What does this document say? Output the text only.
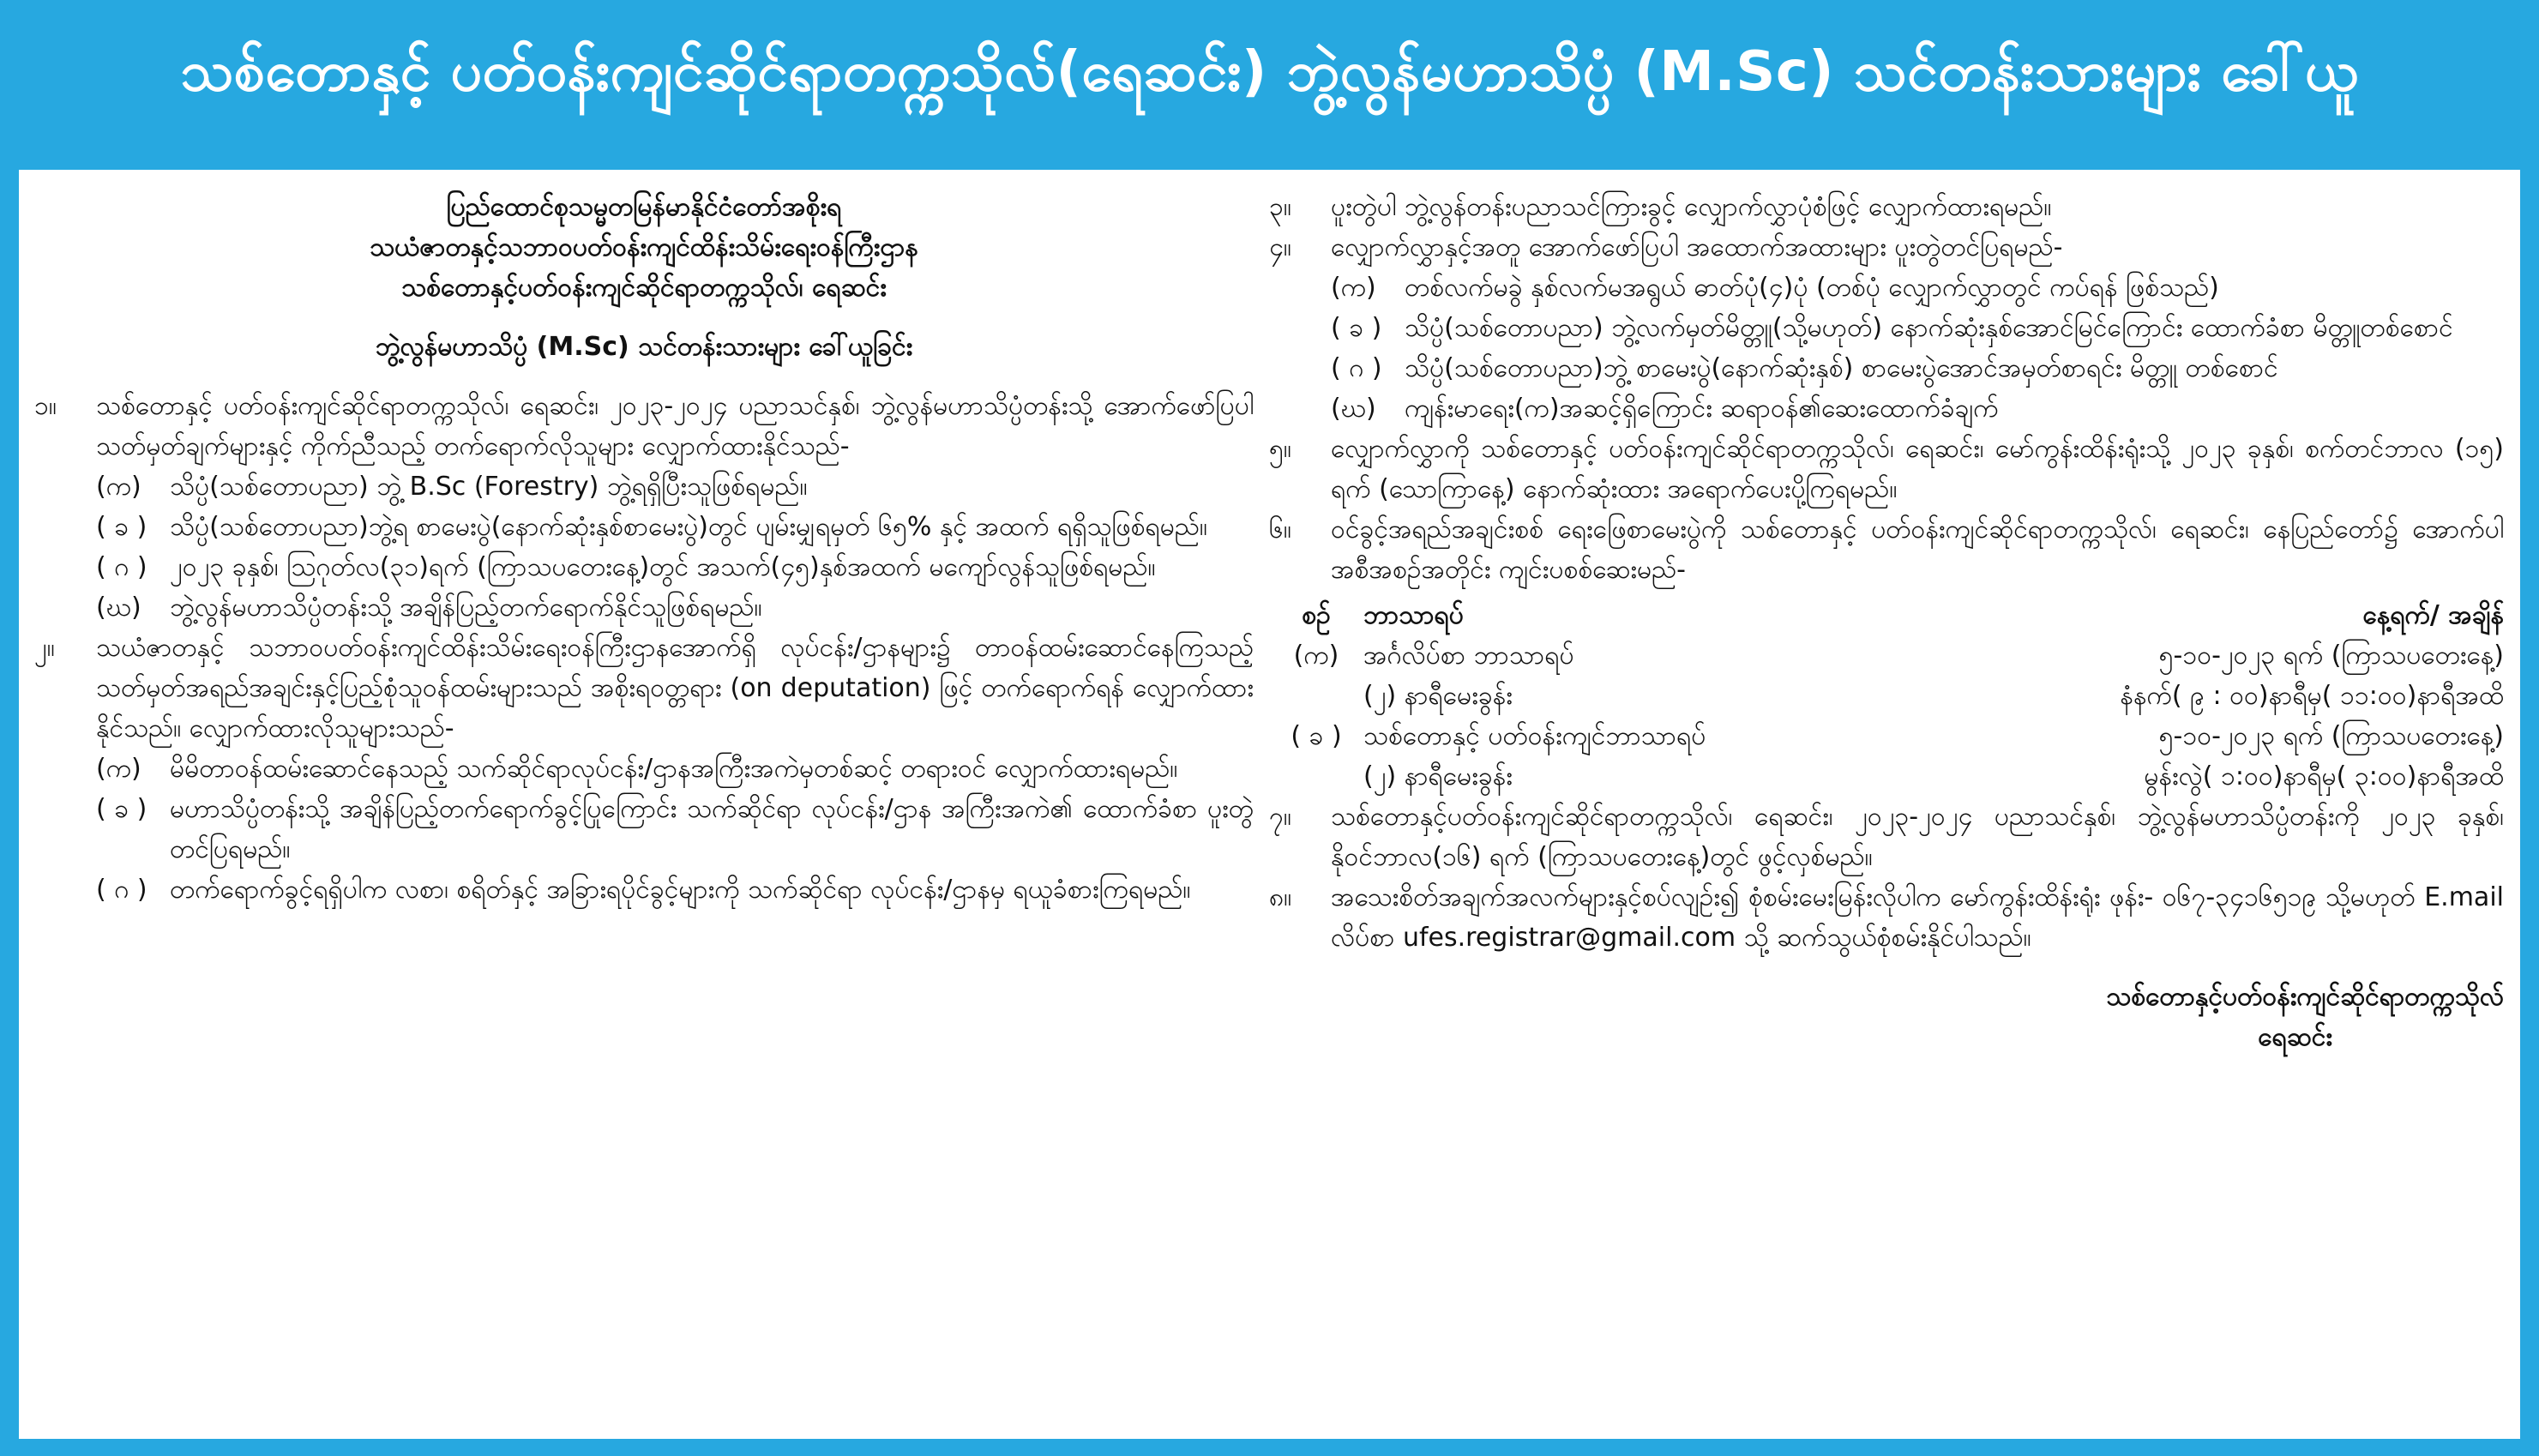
သစ်တောနှင့် ပတ်ဝန်းကျင်ဆိုင်ရာတက္ကသိုလ်(ရေဆင်း) ဘွဲ့လွန်မဟာသိပ္ပံ (M.Sc) သင်တန်းသားများ ခေါ်ယူ
ပြည်ထောင်စုသမ္မတမြန်မာနိုင်ငံတော်အစိုးရ
သယံဇာတနှင့်သဘာဝပတ်ဝန်းကျင်ထိန်းသိမ်းရေးဝန်ကြီးဌာန
သစ်တောနှင့်ပတ်ဝန်းကျင်ဆိုင်ရာတက္ကသိုလ်၊ ရေဆင်း
ဘွဲ့လွန်မဟာသိပ္ပံ (M.Sc) သင်တန်းသားများ ခေါ်ယူခြင်း
၁။	သစ်တောနှင့် ပတ်ဝန်းကျင်ဆိုင်ရာတက္ကသိုလ်၊ ရေဆင်း၊ ၂၀၂၃-၂၀၂၄ ပညာသင်နှစ်၊ ဘွဲ့လွန်မဟာသိပ္ပံတန်းသို့ အောက်ဖော်ပြပါသတ်မှတ်ချက်များနှင့် ကိုက်ညီသည့် တက်ရောက်လိုသူများ လျှောက်ထားနိုင်သည်-
(က)	သိပ္ပံ(သစ်တောပညာ) ဘွဲ့ B.Sc (Forestry) ဘွဲ့ရရှိပြီးသူဖြစ်ရမည်။
( ခ ) သိပ္ပံ(သစ်တောပညာ)ဘွဲ့ရ စာမေးပွဲ(နောက်ဆုံးနှစ်စာမေးပွဲ)တွင် ပျမ်းမျှရမှတ် ၆၅% နှင့် အထက် ရရှိသူဖြစ်ရမည်။
( ဂ ) ၂၀၂၃ ခုနှစ်၊ ဩဂုတ်လ(၃၁)ရက် (ကြာသပတေးနေ့)တွင် အသက်(၄၅)နှစ်အထက် မကျော်လွန်သူဖြစ်ရမည်။
(ဃ)	ဘွဲ့လွန်မဟာသိပ္ပံတန်းသို့ အချိန်ပြည့်တက်ရောက်နိုင်သူဖြစ်ရမည်။
၂။	သယံဇာတနှင့် သဘာဝပတ်ဝန်းကျင်ထိန်းသိမ်းရေးဝန်ကြီးဌာနအောက်ရှိ လုပ်ငန်း/ဌာနများ၌ တာဝန်ထမ်းဆောင်နေကြသည့် သတ်မှတ်အရည်အချင်းနှင့်ပြည့်စုံသူဝန်ထမ်းများသည် အစိုးရဝတ္တရား (on deputation) ဖြင့် တက်ရောက်ရန် လျှောက်ထားနိုင်သည်။ လျှောက်ထားလိုသူများသည်-
(က)	မိမိတာဝန်ထမ်းဆောင်နေသည့် သက်ဆိုင်ရာလုပ်ငန်း/ဌာနအကြီးအကဲမှတစ်ဆင့် တရားဝင် လျှောက်ထားရမည်။
( ခ ) မဟာသိပ္ပံတန်းသို့ အချိန်ပြည့်တက်ရောက်ခွင့်ပြုကြောင်း သက်ဆိုင်ရာ လုပ်ငန်း/ဌာန အကြီးအကဲ၏ ထောက်ခံစာ ပူးတွဲတင်ပြရမည်။
( ဂ ) တက်ရောက်ခွင့်ရရှိပါက လစာ၊ စရိတ်နှင့် အခြားရပိုင်ခွင့်များကို သက်ဆိုင်ရာ လုပ်ငန်း/ဌာနမှ ရယူခံစားကြရမည်။
၃။	ပူးတွဲပါ ဘွဲ့လွန်တန်းပညာသင်ကြားခွင့် လျှောက်လွှာပုံစံဖြင့် လျှောက်ထားရမည်။
၄။	လျှောက်လွှာနှင့်အတူ အောက်ဖော်ပြပါ အထောက်အထားများ ပူးတွဲတင်ပြရမည်-
(က)	တစ်လက်မခွဲ နှစ်လက်မအရွယ် ဓာတ်ပုံ(၄)ပုံ (တစ်ပုံ လျှောက်လွှာတွင် ကပ်ရန် ဖြစ်သည်)
( ခ ) သိပ္ပံ(သစ်တောပညာ) ဘွဲ့လက်မှတ်မိတ္တူ(သို့မဟုတ်) နောက်ဆုံးနှစ်အောင်မြင်ကြောင်း ထောက်ခံစာ မိတ္တူတစ်စောင်
( ဂ ) သိပ္ပံ(သစ်တောပညာ)ဘွဲ့ စာမေးပွဲ(နောက်ဆုံးနှစ်) စာမေးပွဲအောင်အမှတ်စာရင်း မိတ္တူ တစ်စောင်
(ဃ)	ကျန်းမာရေး(က)အဆင့်ရှိကြောင်း ဆရာဝန်၏ဆေးထောက်ခံချက်
၅။	လျှောက်လွှာကို သစ်တောနှင့် ပတ်ဝန်းကျင်ဆိုင်ရာတက္ကသိုလ်၊ ရေဆင်း၊ မော်ကွန်းထိန်းရုံးသို့ ၂၀၂၃ ခုနှစ်၊ စက်တင်ဘာလ (၁၅) ရက် (သောကြာနေ့) နောက်ဆုံးထား အရောက်ပေးပို့ကြရမည်။
၆။	ဝင်ခွင့်အရည်အချင်းစစ် ရေးဖြေစာမေးပွဲကို သစ်တောနှင့် ပတ်ဝန်းကျင်ဆိုင်ရာတက္ကသိုလ်၊ ရေဆင်း၊ နေပြည်တော်၌ အောက်ပါအစီအစဉ်အတိုင်း ကျင်းပစစ်ဆေးမည်-
စဉ်	ဘာသာရပ်	နေ့ရက်/ အချိန်
(က) အင်္ဂလိပ်စာ ဘာသာရပ်	၅-၁၀-၂၀၂၃ ရက် (ကြာသပတေးနေ့)
(၂) နာရီမေးခွန်း	နံနက်( ၉ : ၀၀)နာရီမှ( ၁၁:၀၀)နာရီအထိ
( ခ ) သစ်တောနှင့် ပတ်ဝန်းကျင်ဘာသာရပ်	၅-၁၀-၂၀၂၃ ရက် (ကြာသပတေးနေ့)
(၂) နာရီမေးခွန်း	မွန်းလွဲ( ၁:၀၀)နာရီမှ( ၃:၀၀)နာရီအထိ
၇။	သစ်တောနှင့်ပတ်ဝန်းကျင်ဆိုင်ရာတက္ကသိုလ်၊ ရေဆင်း၊ ၂၀၂၃-၂၀၂၄ ပညာသင်နှစ်၊ ဘွဲ့လွန်မဟာသိပ္ပံတန်းကို ၂၀၂၃ ခုနှစ်၊ နိုဝင်ဘာလ(၁၆) ရက် (ကြာသပတေးနေ့)တွင် ဖွင့်လှစ်မည်။
၈။	အသေးစိတ်အချက်အလက်များနှင့်စပ်လျဉ်း၍ စုံစမ်းမေးမြန်းလိုပါက မော်ကွန်းထိန်းရုံး ဖုန်း- ၀၆၇-၃၄၁၆၅၁၉ သို့မဟုတ် E.mail လိပ်စာ ufes.registrar@gmail.com သို့ ဆက်သွယ်စုံစမ်းနိုင်ပါသည်။
သစ်တောနှင့်ပတ်ဝန်းကျင်ဆိုင်ရာတက္ကသိုလ်
ရေဆင်း
